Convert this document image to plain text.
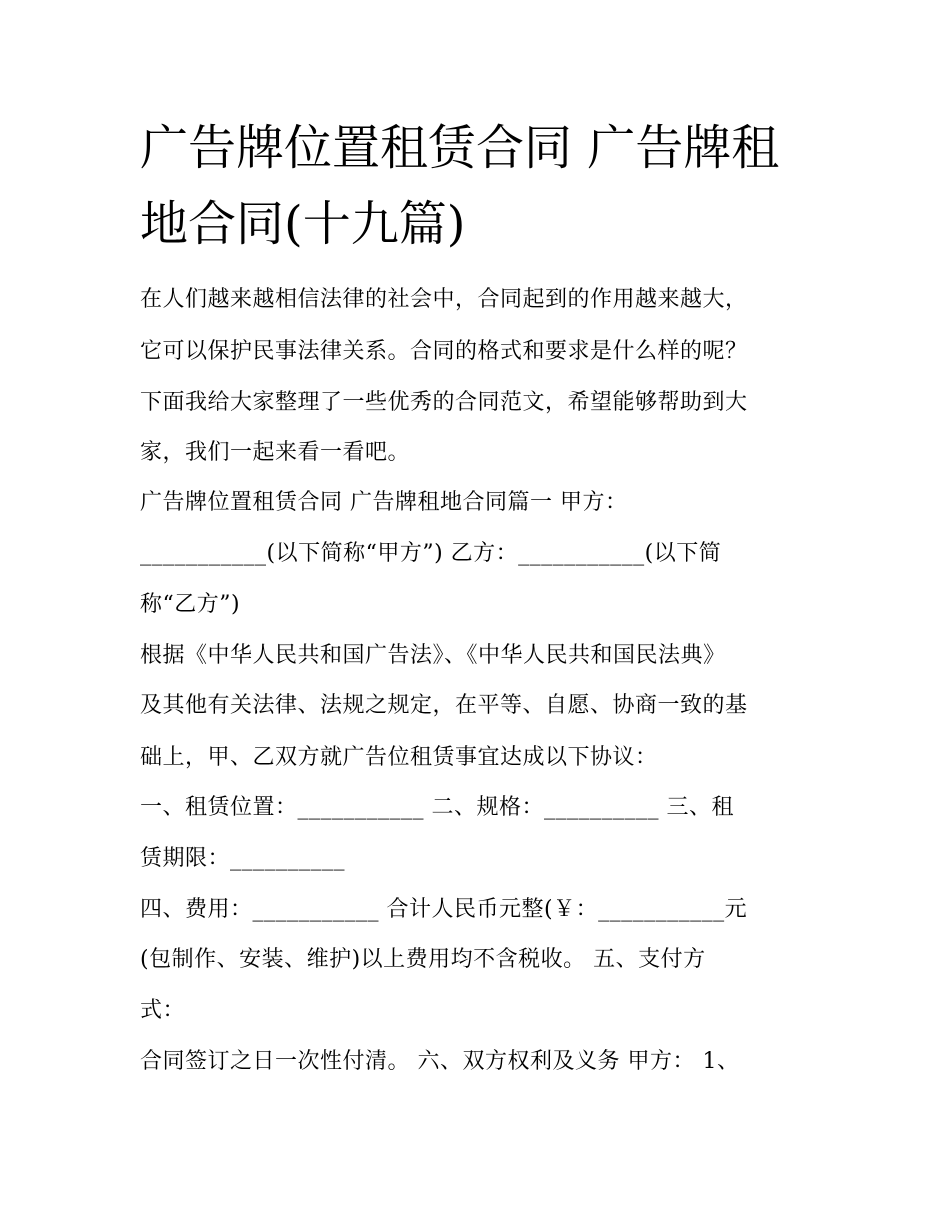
广告牌位置租赁合同 广告牌租
地合同(十九篇)
在人们越来越相信法律的社会中，合同起到的作用越来越大，
它可以保护民事法律关系。合同的格式和要求是什么样的呢？
下面我给大家整理了一些优秀的合同范文，希望能够帮助到大
家，我们一起来看一看吧。
广告牌位置租赁合同 广告牌租地合同篇一 甲方：
___________(以下简称“甲方”) 乙方：___________(以下简
称“乙方”)
根据《中华人民共和国广告法》、《中华人民共和国民法典》
及其他有关法律、法规之规定，在平等、自愿、协商一致的基
础上，甲、乙双方就广告位租赁事宜达成以下协议：
一、租赁位置：___________ 二、规格：__________ 三、租
赁期限：__________
四、费用：___________ 合计人民币元整(￥：___________元
(包制作、安装、维护)以上费用均不含税收。 五、支付方
式：
合同签订之日一次性付清。 六、双方权利及义务 甲方： 1、
